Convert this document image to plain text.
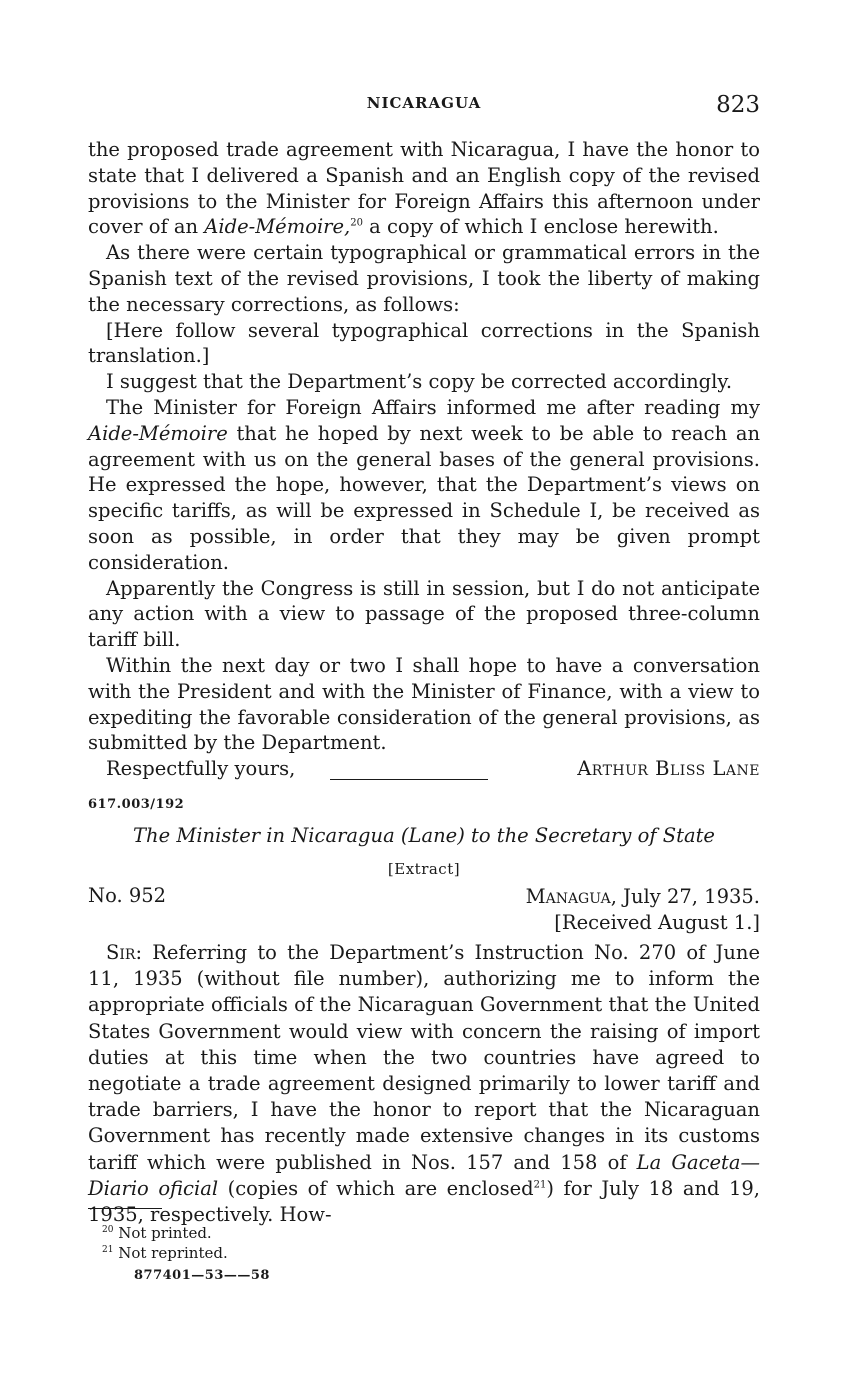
NICARAGUA	823

the proposed trade agreement with Nicaragua, I have the honor to state that I delivered a Spanish and an English copy of the revised provisions to the Minister for Foreign Affairs this afternoon under cover of an Aide-Mémoire,$^{20}$ a copy of which I enclose herewith.

As there were certain typographical or grammatical errors in the Spanish text of the revised provisions, I took the liberty of making the necessary corrections, as follows:

[Here follow several typographical corrections in the Spanish translation.]

I suggest that the Department’s copy be corrected accordingly.

The Minister for Foreign Affairs informed me after reading my Aide-Mémoire that he hoped by next week to be able to reach an agreement with us on the general bases of the general provisions. He expressed the hope, however, that the Department’s views on specific tariffs, as will be expressed in Schedule I, be received as soon as possible, in order that they may be given prompt consideration.

Apparently the Congress is still in session, but I do not anticipate any action with a view to passage of the proposed three-column tariff bill.

Within the next day or two I shall hope to have a conversation with the President and with the Minister of Finance, with a view to expediting the favorable consideration of the general provisions, as submitted by the Department.

Respectfully yours,	Arthur Bliss Lane
617.003/192
The Minister in Nicaragua (Lane) to the Secretary of State
[Extract]
No. 952	Managua, July 27, 1935.
[Received August 1.]

Sir: Referring to the Department’s Instruction No. 270 of June 11, 1935 (without file number), authorizing me to inform the appropriate officials of the Nicaraguan Government that the United States Government would view with concern the raising of import duties at this time when the two countries have agreed to negotiate a trade agreement designed primarily to lower tariff and trade barriers, I have the honor to report that the Nicaraguan Government has recently made extensive changes in its customs tariff which were published in Nos. 157 and 158 of La Gaceta—Diario oficial (copies of which are enclosed$^{21}$) for July 18 and 19, 1935, respectively. How-

$^{20}$ Not printed.
$^{21}$ Not reprinted.
877401—53——58
